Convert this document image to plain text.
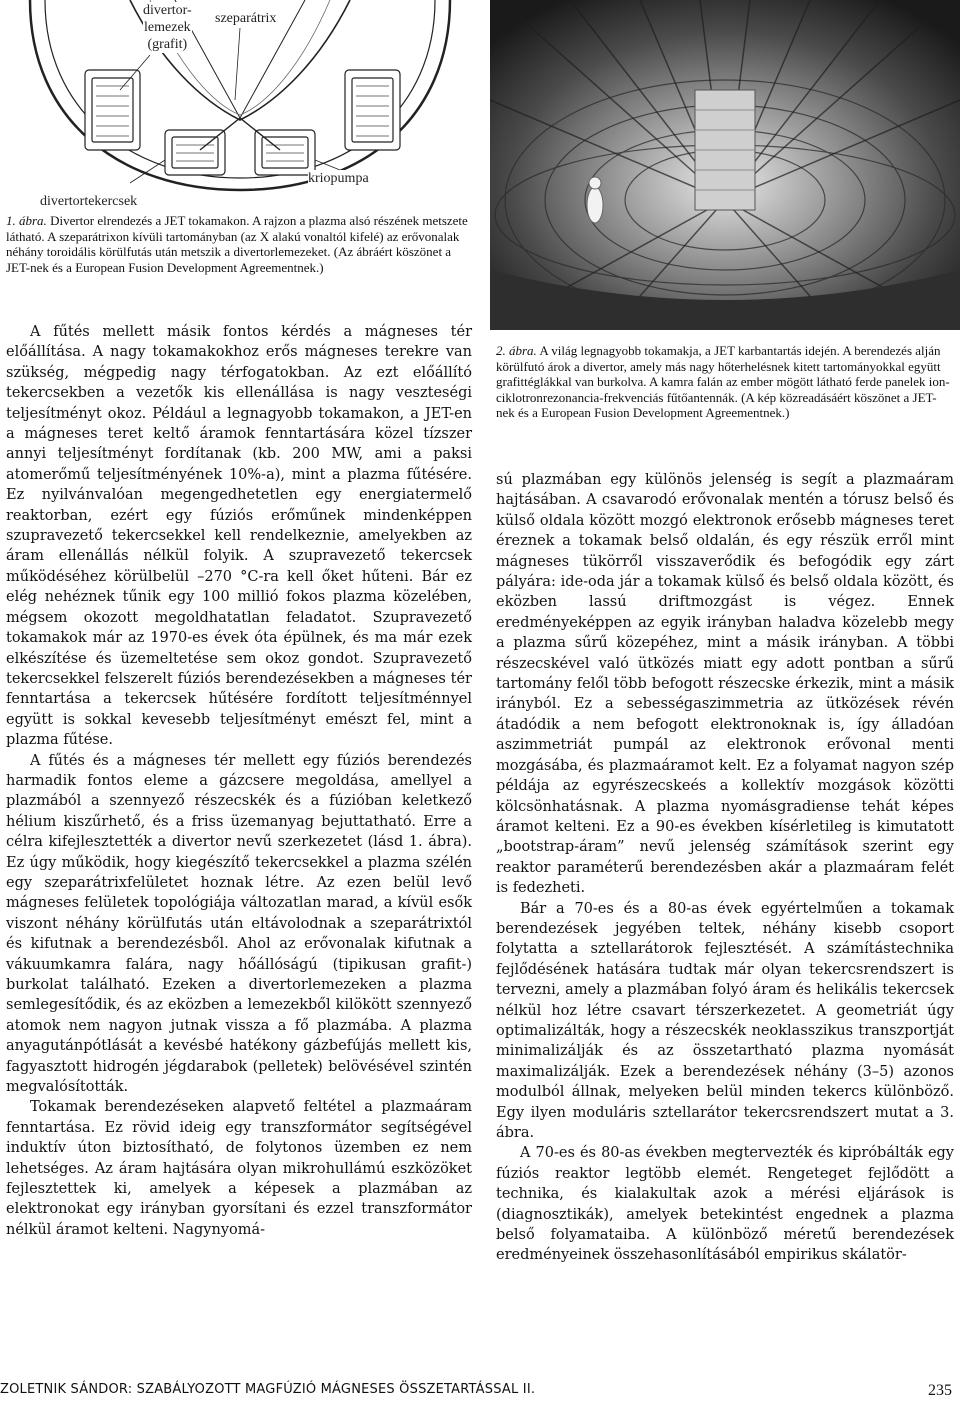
divertor-
lemezek
(grafit)
szeparátrix
divertortekercsek
kriopumpa
1. ábra. Divertor elrendezés a JET tokamakon. A rajzon a plazma alsó részének metszete látható. A szeparátrixon kívüli tartományban (az X alakú vonaltól kifelé) az erővonalak néhány toroidális körülfutás után metszik a divertorlemezeket. (Az ábráért köszönet a JET-nek és a European Fusion Development Agreementnek.)
2. ábra. A világ legnagyobb tokamakja, a JET karbantartás idején. A berendezés alján körülfutó árok a divertor, amely más nagy hőterhelésnek kitett tartományokkal együtt grafittéglákkal van burkolva. A kamra falán az ember mögött látható ferde panelek ion-ciklotronrezonancia-frekvenciás fűtőantennák. (A kép közreadásáért köszönet a JET-nek és a European Fusion Development Agreementnek.)

A fűtés mellett másik fontos kérdés a mágneses tér előállítása. A nagy tokamakokhoz erős mágneses terekre van szükség, mégpedig nagy térfogatokban. Az ezt előállító tekercsekben a vezetők kis ellenállása is nagy veszteségi teljesítményt okoz. Például a legnagyobb tokamakon, a JET-en a mágneses teret keltő áramok fenntartására közel tízszer annyi teljesítményt fordítanak (kb. 200 MW, ami a paksi atomerőmű teljesítményének 10%-a), mint a plazma fűtésére. Ez nyilvánvalóan megengedhetetlen egy energiatermelő reaktorban, ezért egy fúziós erőműnek mindenképpen szupravezető tekercsekkel kell rendelkeznie, amelyekben az áram ellenállás nélkül folyik. A szupravezető tekercsek működéséhez körülbelül –270 °C-ra kell őket hűteni. Bár ez elég nehéznek tűnik egy 100 millió fokos plazma közelében, mégsem okozott megoldhatatlan feladatot. Szupravezető tokamakok már az 1970-es évek óta épülnek, és ma már ezek elkészítése és üzemeltetése sem okoz gondot. Szupravezető tekercsekkel felszerelt fúziós berendezésekben a mágneses tér fenntartása a tekercsek hűtésére fordított teljesítménnyel együtt is sokkal kevesebb teljesítményt emészt fel, mint a plazma fűtése.

A fűtés és a mágneses tér mellett egy fúziós berendezés harmadik fontos eleme a gázcsere megoldása, amellyel a plazmából a szennyező részecskék és a fúzióban keletkező hélium kiszűrhető, és a friss üzemanyag bejuttatható. Erre a célra kifejlesztették a divertor nevű szerkezetet (lásd 1. ábra). Ez úgy működik, hogy kiegészítő tekercsekkel a plazma szélén egy szeparátrixfelületet hoznak létre. Az ezen belül levő mágneses felületek topológiája változatlan marad, a kívül esők viszont néhány körülfutás után eltávolodnak a szeparátrixtól és kifutnak a berendezésből. Ahol az erővonalak kifutnak a vákuumkamra falára, nagy hőállóságú (tipikusan grafit-) burkolat található. Ezeken a divertorlemezeken a plazma semlegesítődik, és az eközben a lemezekből kilökött szennyező atomok nem nagyon jutnak vissza a fő plazmába. A plazma anyagutánpótlását a kevésbé hatékony gázbefújás mellett kis, fagyasztott hidrogén jégdarabok (pelletek) belövésével szintén megvalósították.

Tokamak berendezéseken alapvető feltétel a plazmaáram fenntartása. Ez rövid ideig egy transzformátor segítségével induktív úton biztosítható, de folytonos üzemben ez nem lehetséges. Az áram hajtására olyan mikrohullámú eszközöket fejlesztettek ki, amelyek a képesek a plazmában az elektronokat egy irányban gyorsítani és ezzel transzformátor nélkül áramot kelteni. Nagynyomá-

sú plazmában egy különös jelenség is segít a plazmaáram hajtásában. A csavarodó erővonalak mentén a tórusz belső és külső oldala között mozgó elektronok erősebb mágneses teret éreznek a tokamak belső oldalán, és egy részük erről mint mágneses tükörről visszaverődik és befogódik egy zárt pályára: ide-oda jár a tokamak külső és belső oldala között, és eközben lassú driftmozgást is végez. Ennek eredményeképpen az egyik irányban haladva közelebb megy a plazma sűrű közepéhez, mint a másik irányban. A többi részecskével való ütközés miatt egy adott pontban a sűrű tartomány felől több befogott részecske érkezik, mint a másik irányból. Ez a sebességaszimmetria az ütközések révén átadódik a nem befogott elektronoknak is, így álladóan aszimmetriát pumpál az elektronok erővonal menti mozgásába, és plazmaáramot kelt. Ez a folyamat nagyon szép példája az egyrészecskeés a kollektív mozgások közötti kölcsönhatásnak. A plazma nyomásgradiense tehát képes áramot kelteni. Ez a 90-es években kísérletileg is kimutatott „bootstrap-áram” nevű jelenség számítások szerint egy reaktor paraméterű berendezésben akár a plazmaáram felét is fedezheti.

Bár a 70-es és a 80-as évek egyértelműen a tokamak berendezések jegyében teltek, néhány kisebb csoport folytatta a sztellarátorok fejlesztését. A számítástechnika fejlődésének hatására tudtak már olyan tekercsrendszert is tervezni, amely a plazmában folyó áram és helikális tekercsek nélkül hoz létre csavart térszerkezetet. A geometriát úgy optimalizálták, hogy a részecskék neoklasszikus transzportját minimalizálják és az összetartható plazma nyomását maximalizálják. Ezek a berendezések néhány (3–5) azonos modulból állnak, melyeken belül minden tekercs különböző. Egy ilyen moduláris sztellarátor tekercsrendszert mutat a 3. ábra.

A 70-es és 80-as években megtervezték és kipróbálták egy fúziós reaktor legtöbb elemét. Rengeteget fejlődött a technika, és kialakultak azok a mérési eljárások is (diagnosztikák), amelyek betekintést engednek a plazma belső folyamataiba. A különböző méretű berendezések eredményeinek összehasonlításából empirikus skálatör-

ZOLETNIK SÁNDOR: SZABÁLYOZOTT MAGFÚZIÓ MÁGNESES ÖSSZETARTÁSSAL II.	235
